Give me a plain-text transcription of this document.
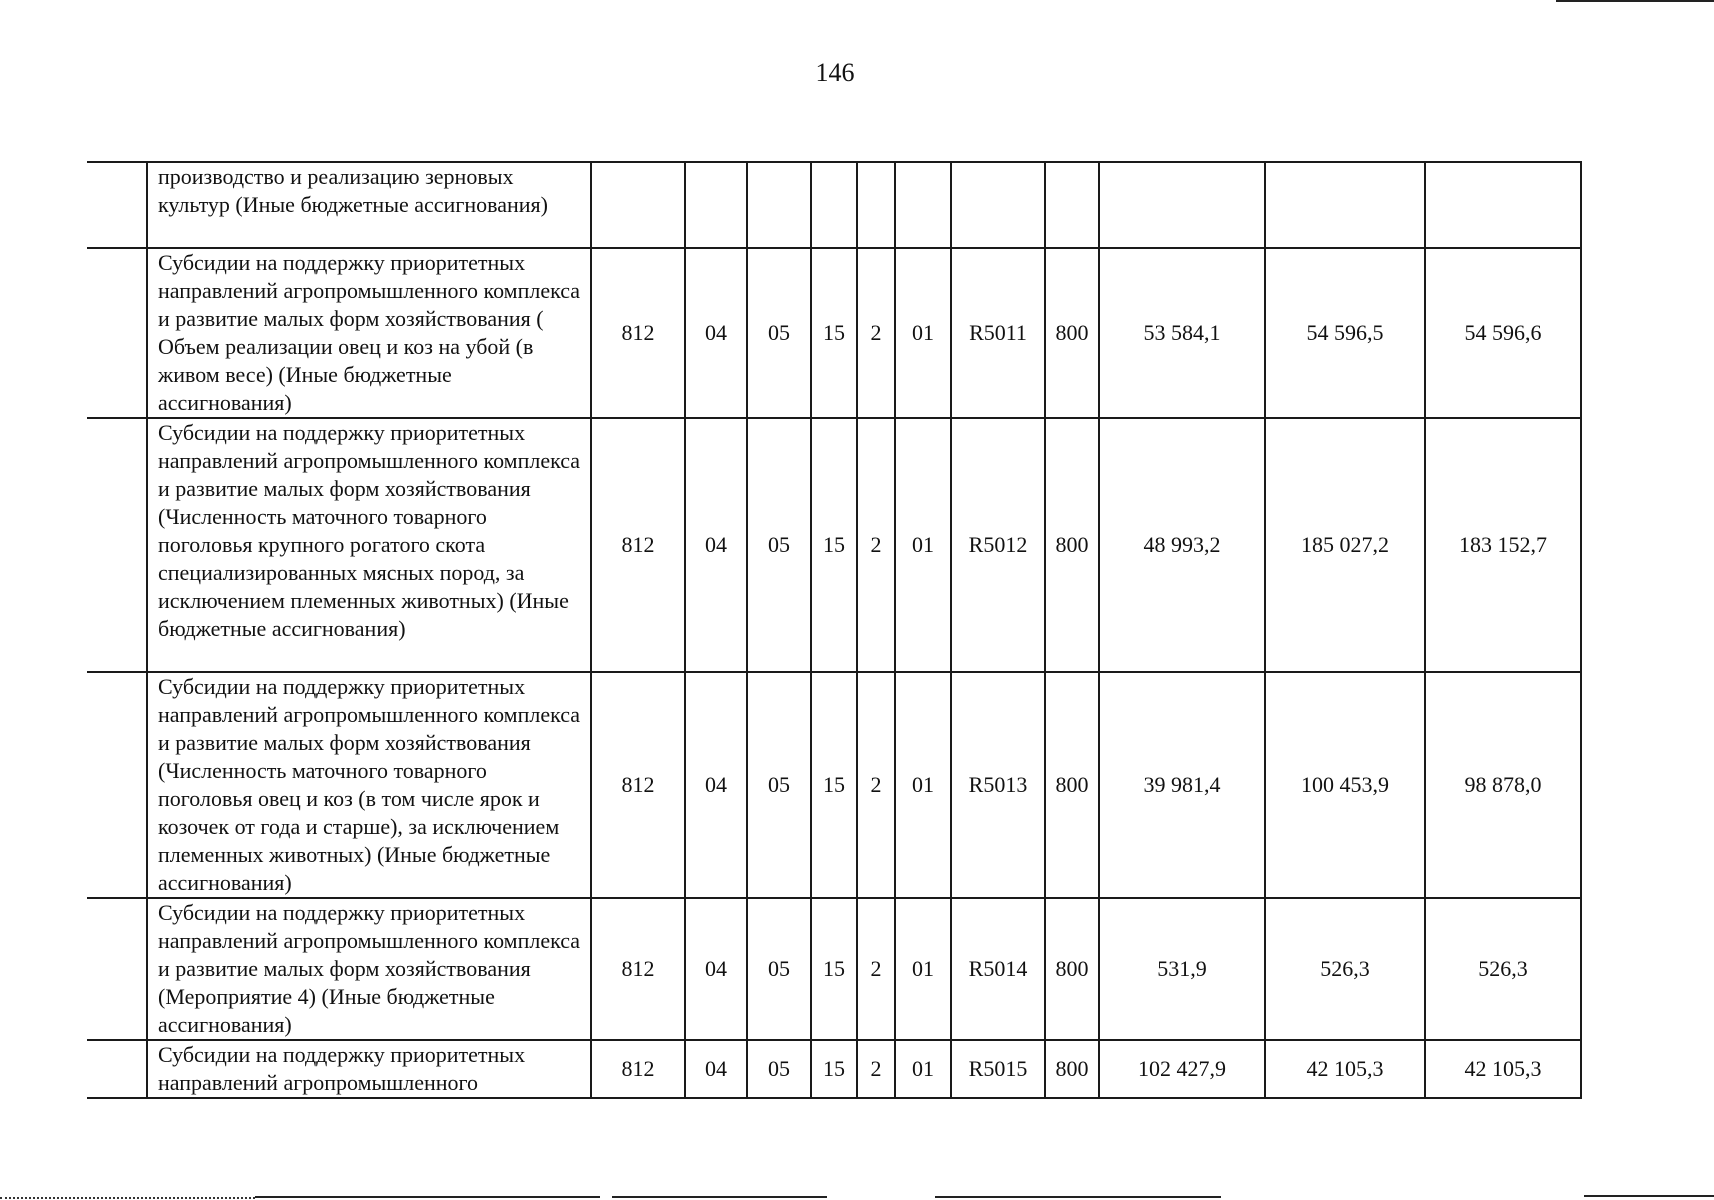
146
	производство и реализацию зерновых культур (Иные бюджетные ассигнования)											
	Субсидии на поддержку приоритетных направлений агропромышленного комплекса и развитие малых форм хозяйствования ( Объем реализации овец и коз на убой (в живом весе) (Иные бюджетные ассигнования)	812	04	05	15	2	01	R5011	800	53 584,1	54 596,5	54 596,6
	Субсидии на поддержку приоритетных направлений агропромышленного комплекса и развитие малых форм хозяйствования (Численность маточного товарного поголовья крупного рогатого скота специализированных мясных пород, за исключением племенных животных) (Иные бюджетные ассигнования)	812	04	05	15	2	01	R5012	800	48 993,2	185 027,2	183 152,7
	Субсидии на поддержку приоритетных направлений агропромышленного комплекса и развитие малых форм хозяйствования (Численность маточного товарного поголовья овец и коз (в том числе ярок и козочек от года и старше), за исключением племенных животных) (Иные бюджетные ассигнования)	812	04	05	15	2	01	R5013	800	39 981,4	100 453,9	98 878,0
	Субсидии на поддержку приоритетных направлений агропромышленного комплекса и развитие малых форм хозяйствования (Мероприятие 4) (Иные бюджетные ассигнования)	812	04	05	15	2	01	R5014	800	531,9	526,3	526,3
	Субсидии на поддержку приоритетных направлений агропромышленного	812	04	05	15	2	01	R5015	800	102 427,9	42 105,3	42 105,3
